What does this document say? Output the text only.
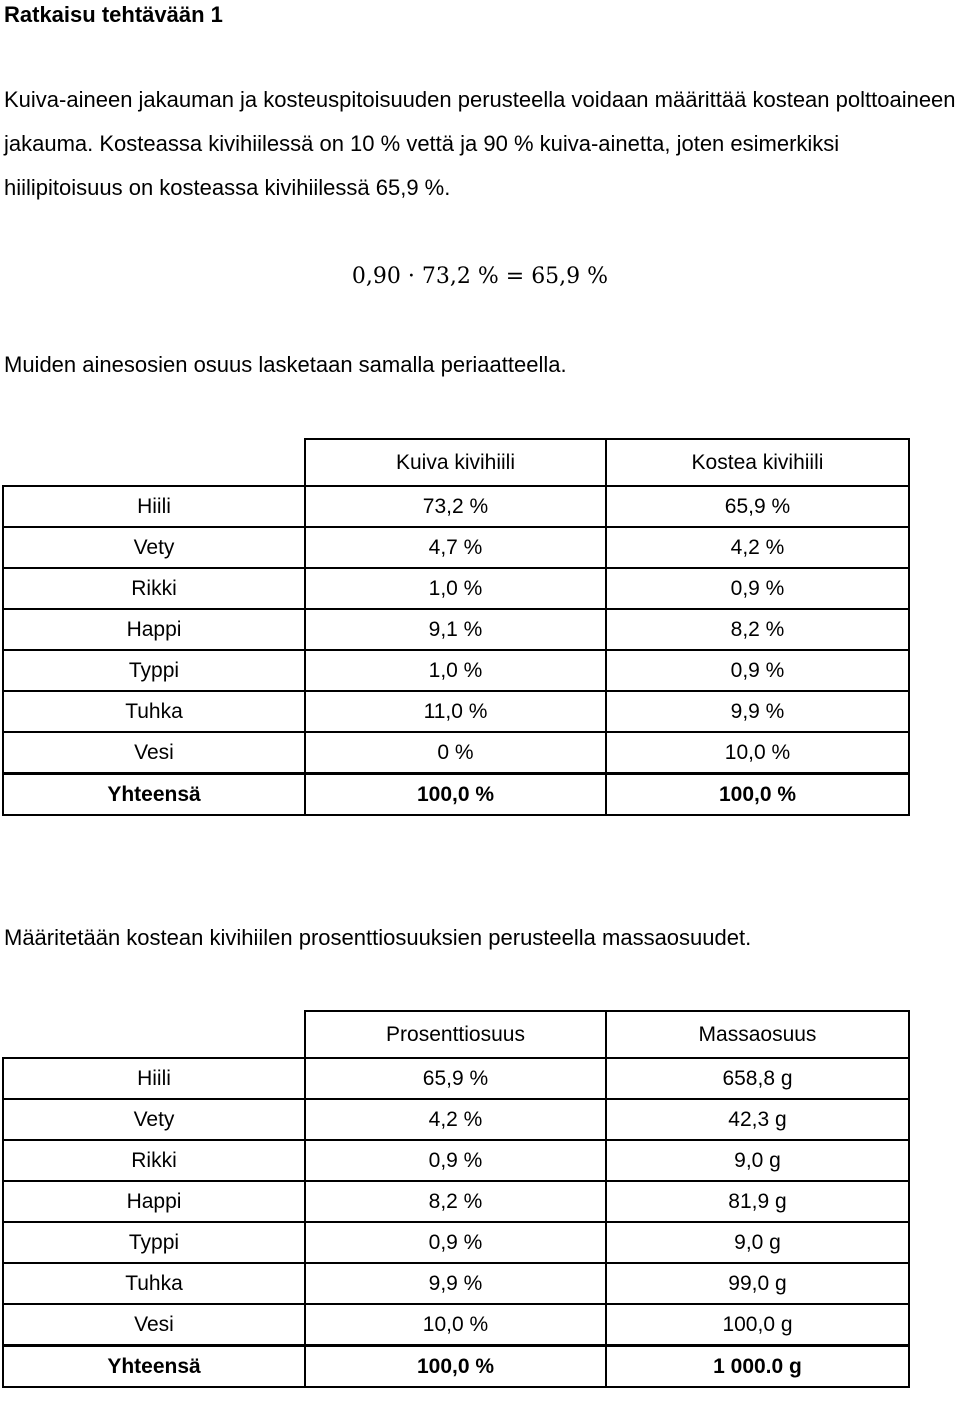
Ratkaisu tehtävään 1

Kuiva-aineen jakauman ja kosteuspitoisuuden perusteella voidaan määrittää kostean polttoaineen jakauma. Kosteassa kivihiilessä on 10 % vettä ja 90 % kuiva-ainetta, joten esimerkiksi hiilipitoisuus on kosteassa kivihiilessä 65,9 %.

0,90 · 73,2 % = 65,9 %
Muiden ainesosien osuus lasketaan samalla periaatteella.
	Kuiva kivihiili	Kostea kivihiili
Hiili	73,2 %	65,9 %
Vety	4,7 %	4,2 %
Rikki	1,0 %	0,9 %
Happi	9,1 %	8,2 %
Typpi	1,0 %	0,9 %
Tuhka	11,0 %	9,9 %
Vesi	0 %	10,0 %
Yhteensä	100,0 %	100,0 %
Määritetään kostean kivihiilen prosenttiosuuksien perusteella massaosuudet.
	Prosenttiosuus	Massaosuus
Hiili	65,9 %	658,8 g
Vety	4,2 %	42,3 g
Rikki	0,9 %	9,0 g
Happi	8,2 %	81,9 g
Typpi	0,9 %	9,0 g
Tuhka	9,9 %	99,0 g
Vesi	10,0 %	100,0 g
Yhteensä	100,0 %	1 000.0 g
